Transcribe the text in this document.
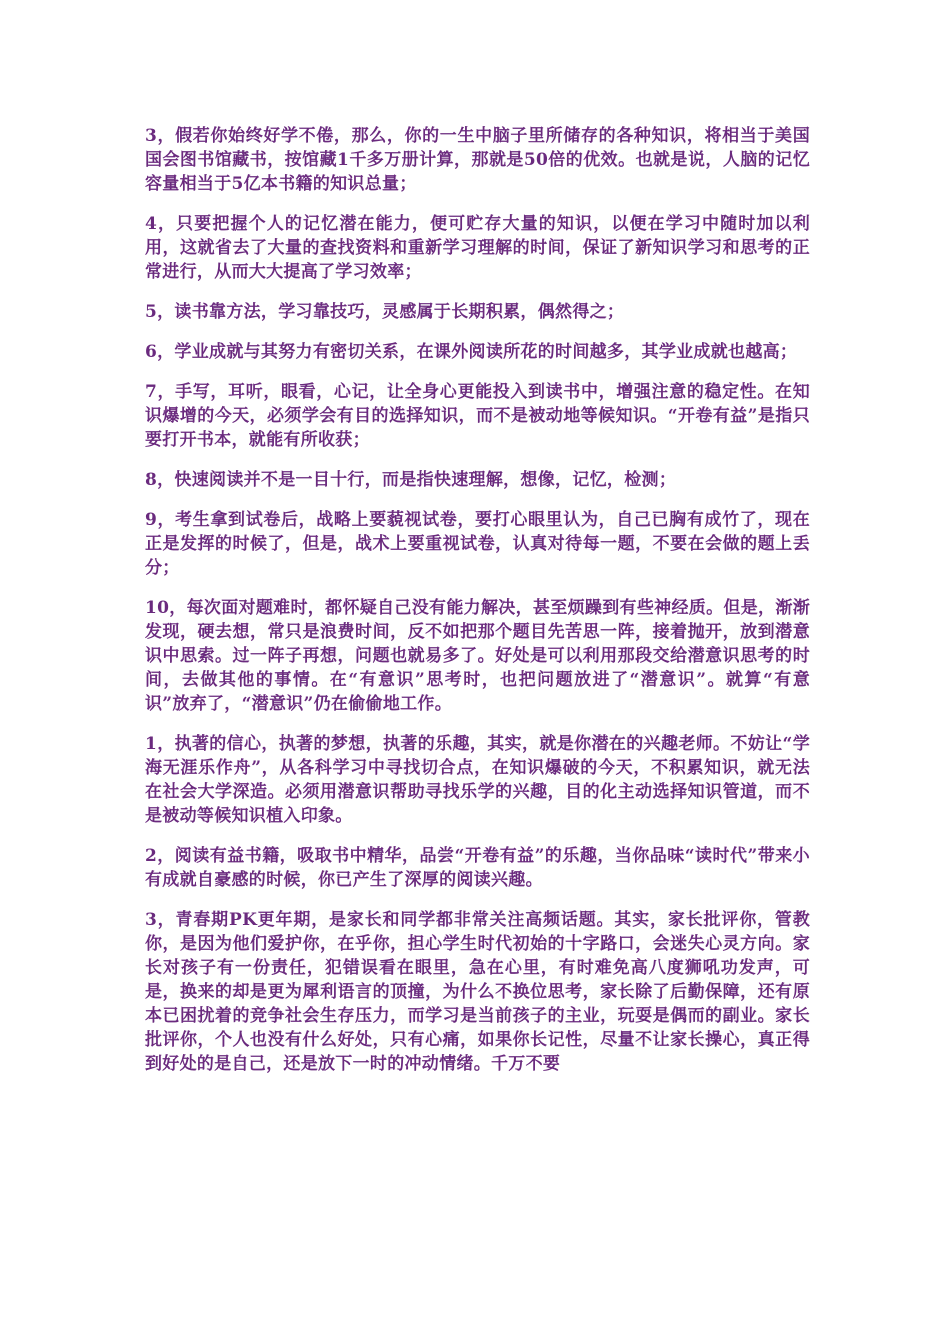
3，假若你始终好学不倦，那么，你的一生中脑子里所储存的各种知识，将相当于美国国会图书馆藏书，按馆藏1千多万册计算，那就是50倍的优效。也就是说，人脑的记忆容量相当于5亿本书籍的知识总量；

4，只要把握个人的记忆潜在能力，便可贮存大量的知识，以便在学习中随时加以利用，这就省去了大量的查找资料和重新学习理解的时间，保证了新知识学习和思考的正常进行，从而大大提高了学习效率；

5，读书靠方法，学习靠技巧，灵感属于长期积累，偶然得之；

6，学业成就与其努力有密切关系，在课外阅读所花的时间越多，其学业成就也越高；

7，手写，耳听，眼看，心记，让全身心更能投入到读书中，增强注意的稳定性。在知识爆增的今天，必须学会有目的选择知识，而不是被动地等候知识。“开卷有益”是指只要打开书本，就能有所收获；

8，快速阅读并不是一目十行，而是指快速理解，想像，记忆，检测；

9，考生拿到试卷后，战略上要藐视试卷，要打心眼里认为，自己已胸有成竹了，现在正是发挥的时候了，但是，战术上要重视试卷，认真对待每一题，不要在会做的题上丢分；

10，每次面对题难时，都怀疑自己没有能力解决，甚至烦躁到有些神经质。但是，渐渐发现，硬去想，常只是浪费时间，反不如把那个题目先苦思一阵，接着抛开，放到潜意识中思索。过一阵子再想，问题也就易多了。好处是可以利用那段交给潜意识思考的时间，去做其他的事情。在“有意识”思考时，也把问题放进了“潜意识”。就算“有意识”放弃了，“潜意识”仍在偷偷地工作。

1，执著的信心，执著的梦想，执著的乐趣，其实，就是你潜在的兴趣老师。不妨让“学海无涯乐作舟”，从各科学习中寻找切合点，在知识爆破的今天，不积累知识，就无法在社会大学深造。必须用潜意识帮助寻找乐学的兴趣，目的化主动选择知识管道，而不是被动等候知识植入印象。

2，阅读有益书籍，吸取书中精华，品尝“开卷有益”的乐趣，当你品味“读时代”带来小有成就自豪感的时候，你已产生了深厚的阅读兴趣。

3，青春期PK更年期，是家长和同学都非常关注高频话题。其实，家长批评你，管教你，是因为他们爱护你，在乎你，担心学生时代初始的十字路口，会迷失心灵方向。家长对孩子有一份责任，犯错误看在眼里，急在心里，有时难免高八度狮吼功发声，可是，换来的却是更为犀利语言的顶撞，为什么不换位思考，家长除了后勤保障，还有原本已困扰着的竞争社会生存压力，而学习是当前孩子的主业，玩耍是偶而的副业。家长批评你，个人也没有什么好处，只有心痛，如果你长记性，尽量不让家长操心，真正得到好处的是自己，还是放下一时的冲动情绪。千万不要
